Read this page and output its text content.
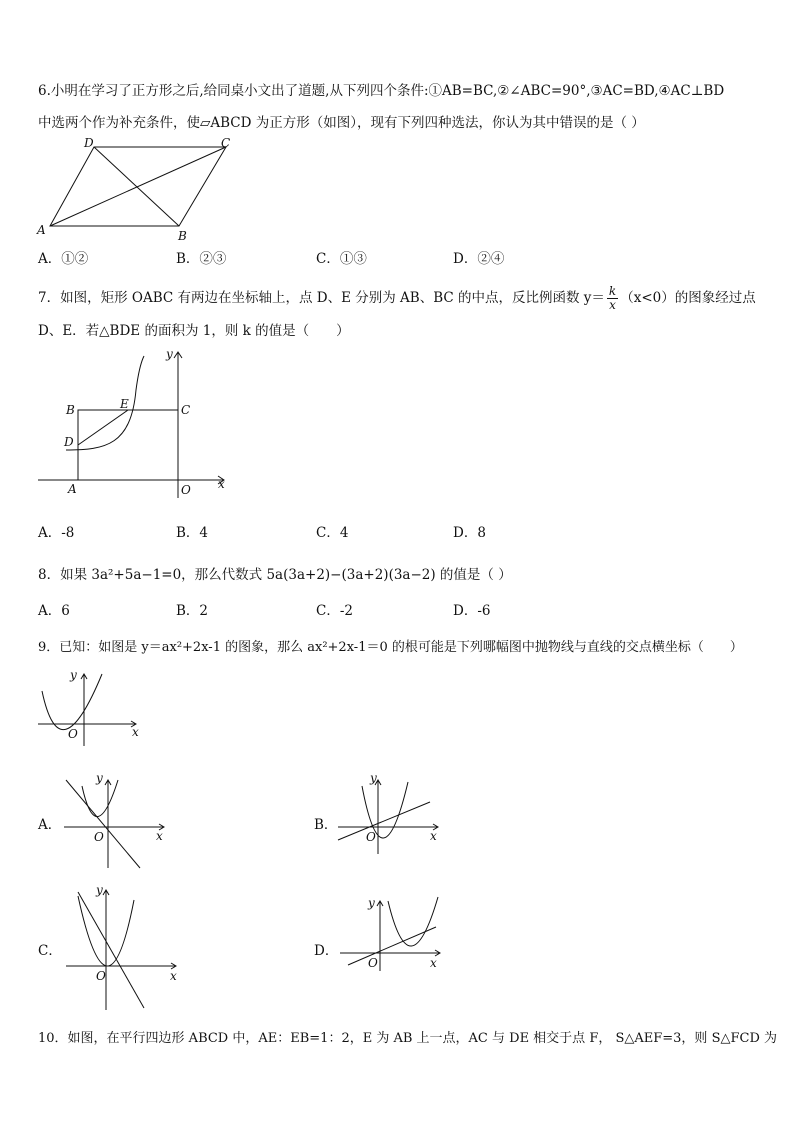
6.小明在学习了正方形之后,给同桌小文出了道题,从下列四个条件:①AB=BC,②∠ABC=90°,③AC=BD,④AC⊥BD
中选两个作为补充条件，使▱ABCD 为正方形（如图），现有下列四种选法，你认为其中错误的是（ ）
A	B
C
D
A．①②	B．②③	C．①③	D．②④
7．如图，矩形 OABC 有两边在坐标轴上，点 D、E 分别为 AB、BC 的中点，反比例函数 $y= \frac{k}{x} (x<0)$的图象经过点
D、E．若△BDE 的面积为 1，则 k 的值是（　　）
y
x
B	E	C
D
A	O
A．-8	B．4	C．4	D．8
8．如果 3a²+5a−1=0，那么代数式 5a(3a+2)−(3a+2)(3a−2) 的值是（ ）
A．6	B．2	C．-2	D．-6
9．已知：如图是 y＝ax²+2x-1 的图象，那么 ax²+2x-1＝0 的根可能是下列哪幅图中抛物线与直线的交点横坐标（　　）
y
x
O
A．
y
x
O
B．
y
x
O
C．
y
x
O
D．
y
x
O
10．如图，在平行四边形 ABCD 中，AE：EB=1：2，E 为 AB 上一点，AC 与 DE 相交于点 F， S△AEF=3，则 S△FCD 为
